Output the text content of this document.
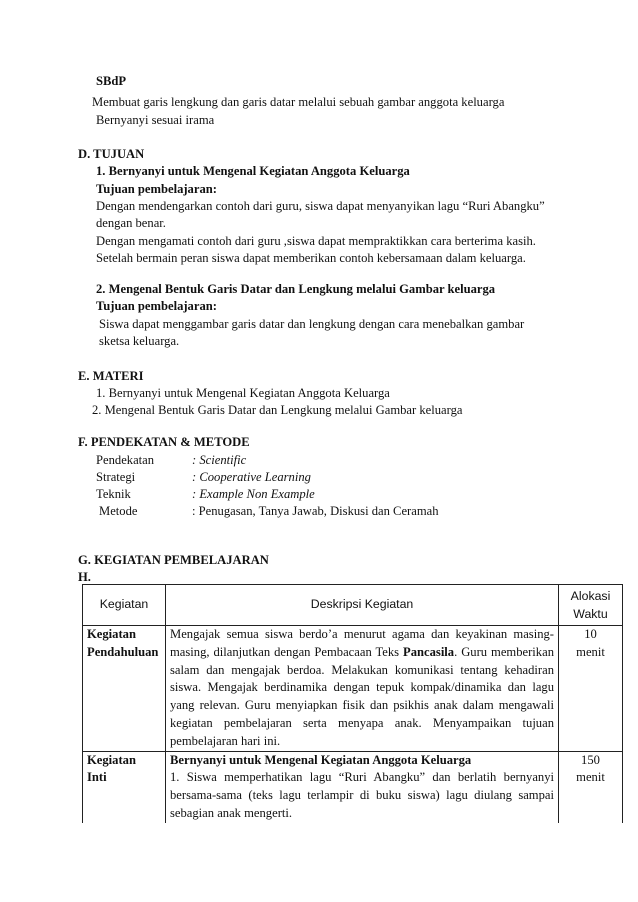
SBdP
Membuat garis lengkung dan garis datar melalui sebuah gambar anggota keluarga
Bernyanyi sesuai irama
D. TUJUAN
1. Bernyanyi untuk Mengenal Kegiatan Anggota Keluarga
Tujuan pembelajaran:
Dengan mendengarkan contoh dari guru, siswa dapat menyanyikan lagu “Ruri Abangku”
dengan benar.
Dengan mengamati contoh dari guru ,siswa dapat mempraktikkan cara berterima kasih.
Setelah bermain peran siswa dapat memberikan contoh kebersamaan dalam keluarga.
2. Mengenal Bentuk Garis Datar dan Lengkung melalui Gambar keluarga
Tujuan pembelajaran:
Siswa dapat menggambar garis datar dan lengkung dengan cara menebalkan gambar
sketsa keluarga.
E. MATERI
1. Bernyanyi untuk Mengenal Kegiatan Anggota Keluarga
2. Mengenal Bentuk Garis Datar dan Lengkung melalui Gambar keluarga
F. PENDEKATAN & METODE
Pendekatan	: Scientific
Strategi	: Cooperative Learning
Teknik	: Example Non Example
Metode	: Penugasan, Tanya Jawab, Diskusi dan Ceramah
G. KEGIATAN PEMBELAJARAN
H.
Kegiatan	Deskripsi Kegiatan	Alokasi Waktu

Kegiatan Pendahuluan	Mengajak semua siswa berdo’a menurut agama dan keyakinan masing-masing, dilanjutkan dengan Pembacaan Teks Pancasila. Guru memberikan salam dan mengajak berdoa. Melakukan komunikasi tentang kehadiran siswa. Mengajak berdinamika dengan tepuk kompak/dinamika dan lagu yang relevan. Guru menyiapkan fisik dan psikhis anak dalam mengawali kegiatan pembelajaran serta menyapa anak. Menyampaikan tujuan pembelajaran hari ini.	10 menit

Kegiatan Inti	Bernyanyi untuk Mengenal Kegiatan Anggota Keluarga

1. Siswa memperhatikan lagu “Ruri Abangku” dan berlatih bernyanyi bersama-sama (teks lagu terlampir di buku siswa) lagu diulang sampai sebagian anak mengerti.	150 menit
